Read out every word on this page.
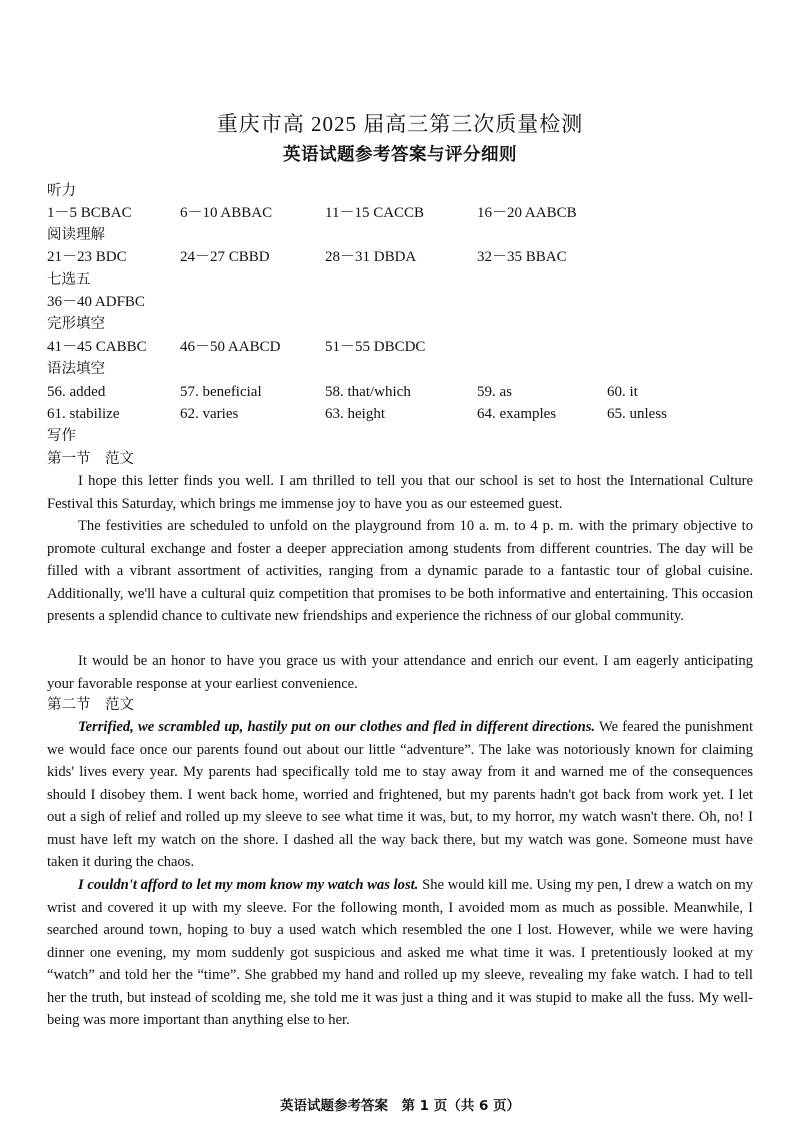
重庆市高 2025 届高三第三次质量检测
英语试题参考答案与评分细则
听力
1－5 BCBAC	6－10 ABBAC	11－15 CACCB	16－20 AABCB
阅读理解
21－23 BDC	24－27 CBBD	28－31 DBDA	32－35 BBAC
七选五
36－40 ADFBC
完形填空
41－45 CABBC 46－50 AABCD	51－55 DBCDC
语法填空
56. added	57. beneficial	58. that/which	59. as	60. it
61. stabilize	62. varies	63. height	64. examples	65. unless
写作
第一节　范文

I hope this letter finds you well. I am thrilled to tell you that our school is set to host the International Culture Festival this Saturday, which brings me immense joy to have you as our esteemed guest.

The festivities are scheduled to unfold on the playground from 10 a. m. to 4 p. m. with the primary objective to promote cultural exchange and foster a deeper appreciation among students from different countries. The day will be filled with a vibrant assortment of activities, ranging from a dynamic parade to a fantastic tour of global cuisine. Additionally, we'll have a cultural quiz competition that promises to be both informative and entertaining. This occasion presents a splendid chance to cultivate new friendships and experience the richness of our global community.

It would be an honor to have you grace us with your attendance and enrich our event. I am eagerly anticipating your favorable response at your earliest convenience.

第二节　范文

Terrified, we scrambled up, hastily put on our clothes and fled in different directions. We feared the punishment we would face once our parents found out about our little “adventure”. The lake was notoriously known for claiming kids' lives every year. My parents had specifically told me to stay away from it and warned me of the consequences should I disobey them. I went back home, worried and frightened, but my parents hadn't got back from work yet. I let out a sigh of relief and rolled up my sleeve to see what time it was, but, to my horror, my watch wasn't there. Oh, no! I must have left my watch on the shore. I dashed all the way back there, but my watch was gone. Someone must have taken it during the chaos.

I couldn't afford to let my mom know my watch was lost. She would kill me. Using my pen, I drew a watch on my wrist and covered it up with my sleeve. For the following month, I avoided mom as much as possible. Meanwhile, I searched around town, hoping to buy a used watch which resembled the one I lost. However, while we were having dinner one evening, my mom suddenly got suspicious and asked me what time it was. I pretentiously looked at my “watch” and told her the “time”. She grabbed my hand and rolled up my sleeve, revealing my fake watch. I had to tell her the truth, but instead of scolding me, she told me it was just a thing and it was stupid to make all the fuss. My well-being was more important than anything else to her.

英语试题参考答案　第 1 页（共 6 页）
